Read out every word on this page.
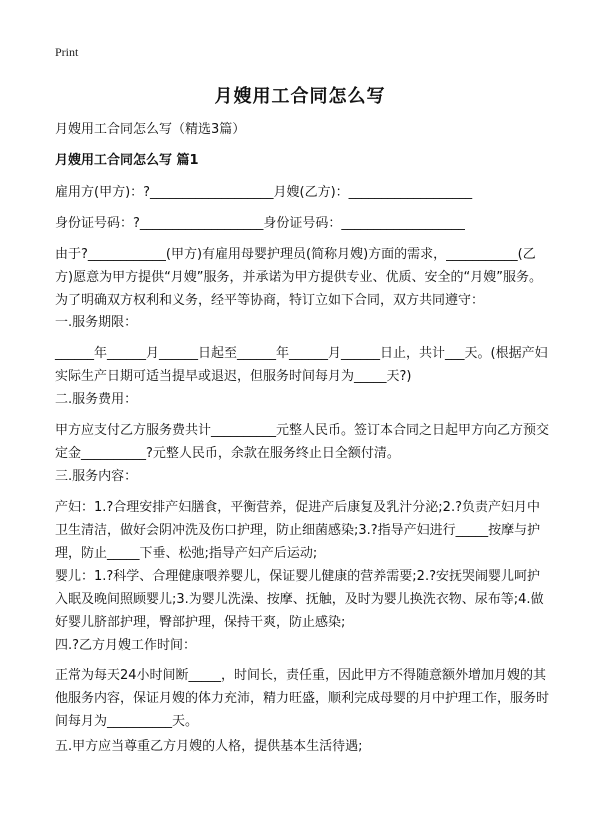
Print
月嫂用工合同怎么写
月嫂用工合同怎么写（精选3篇）
月嫂用工合同怎么写 篇1
雇用方(甲方)：?___________________月嫂(乙方)：___________________
身份证号码：?___________________身份证号码：___________________
由于?____________(甲方)有雇用母婴护理员(简称月嫂)方面的需求，___________(乙方)愿意为甲方提供“月嫂”服务，并承诺为甲方提供专业、优质、安全的“月嫂”服务。为了明确双方权利和义务，经平等协商，特订立如下合同，双方共同遵守：
一.服务期限：
______年______月______日起至______年______月______日止，共计___天。(根据产妇实际生产日期可适当提早或退迟，但服务时间每月为_____天?)
二.服务费用：
甲方应支付乙方服务费共计__________元整人民币。签订本合同之日起甲方向乙方预交定金__________?元整人民币，余款在服务终止日全额付清。
三.服务内容：
产妇：1.?合理安排产妇膳食，平衡营养，促进产后康复及乳汁分泌;2.?负责产妇月中卫生清洁，做好会阴冲洗及伤口护理，防止细菌感染;3.?指导产妇进行_____按摩与护理，防止_____下垂、松弛;指导产妇产后运动;
婴儿：1.?科学、合理健康喂养婴儿，保证婴儿健康的营养需要;2.?安抚哭闹婴儿呵护入眠及晚间照顾婴儿;3.为婴儿洗澡、按摩、抚触，及时为婴儿换洗衣物、尿布等;4.做好婴儿脐部护理，臀部护理，保持干爽，防止感染;
四.?乙方月嫂工作时间：
正常为每天24小时间断_____，时间长，责任重，因此甲方不得随意额外增加月嫂的其他服务内容，保证月嫂的体力充沛，精力旺盛，顺利完成母婴的月中护理工作，服务时间每月为__________天。
五.甲方应当尊重乙方月嫂的人格，提供基本生活待遇;
